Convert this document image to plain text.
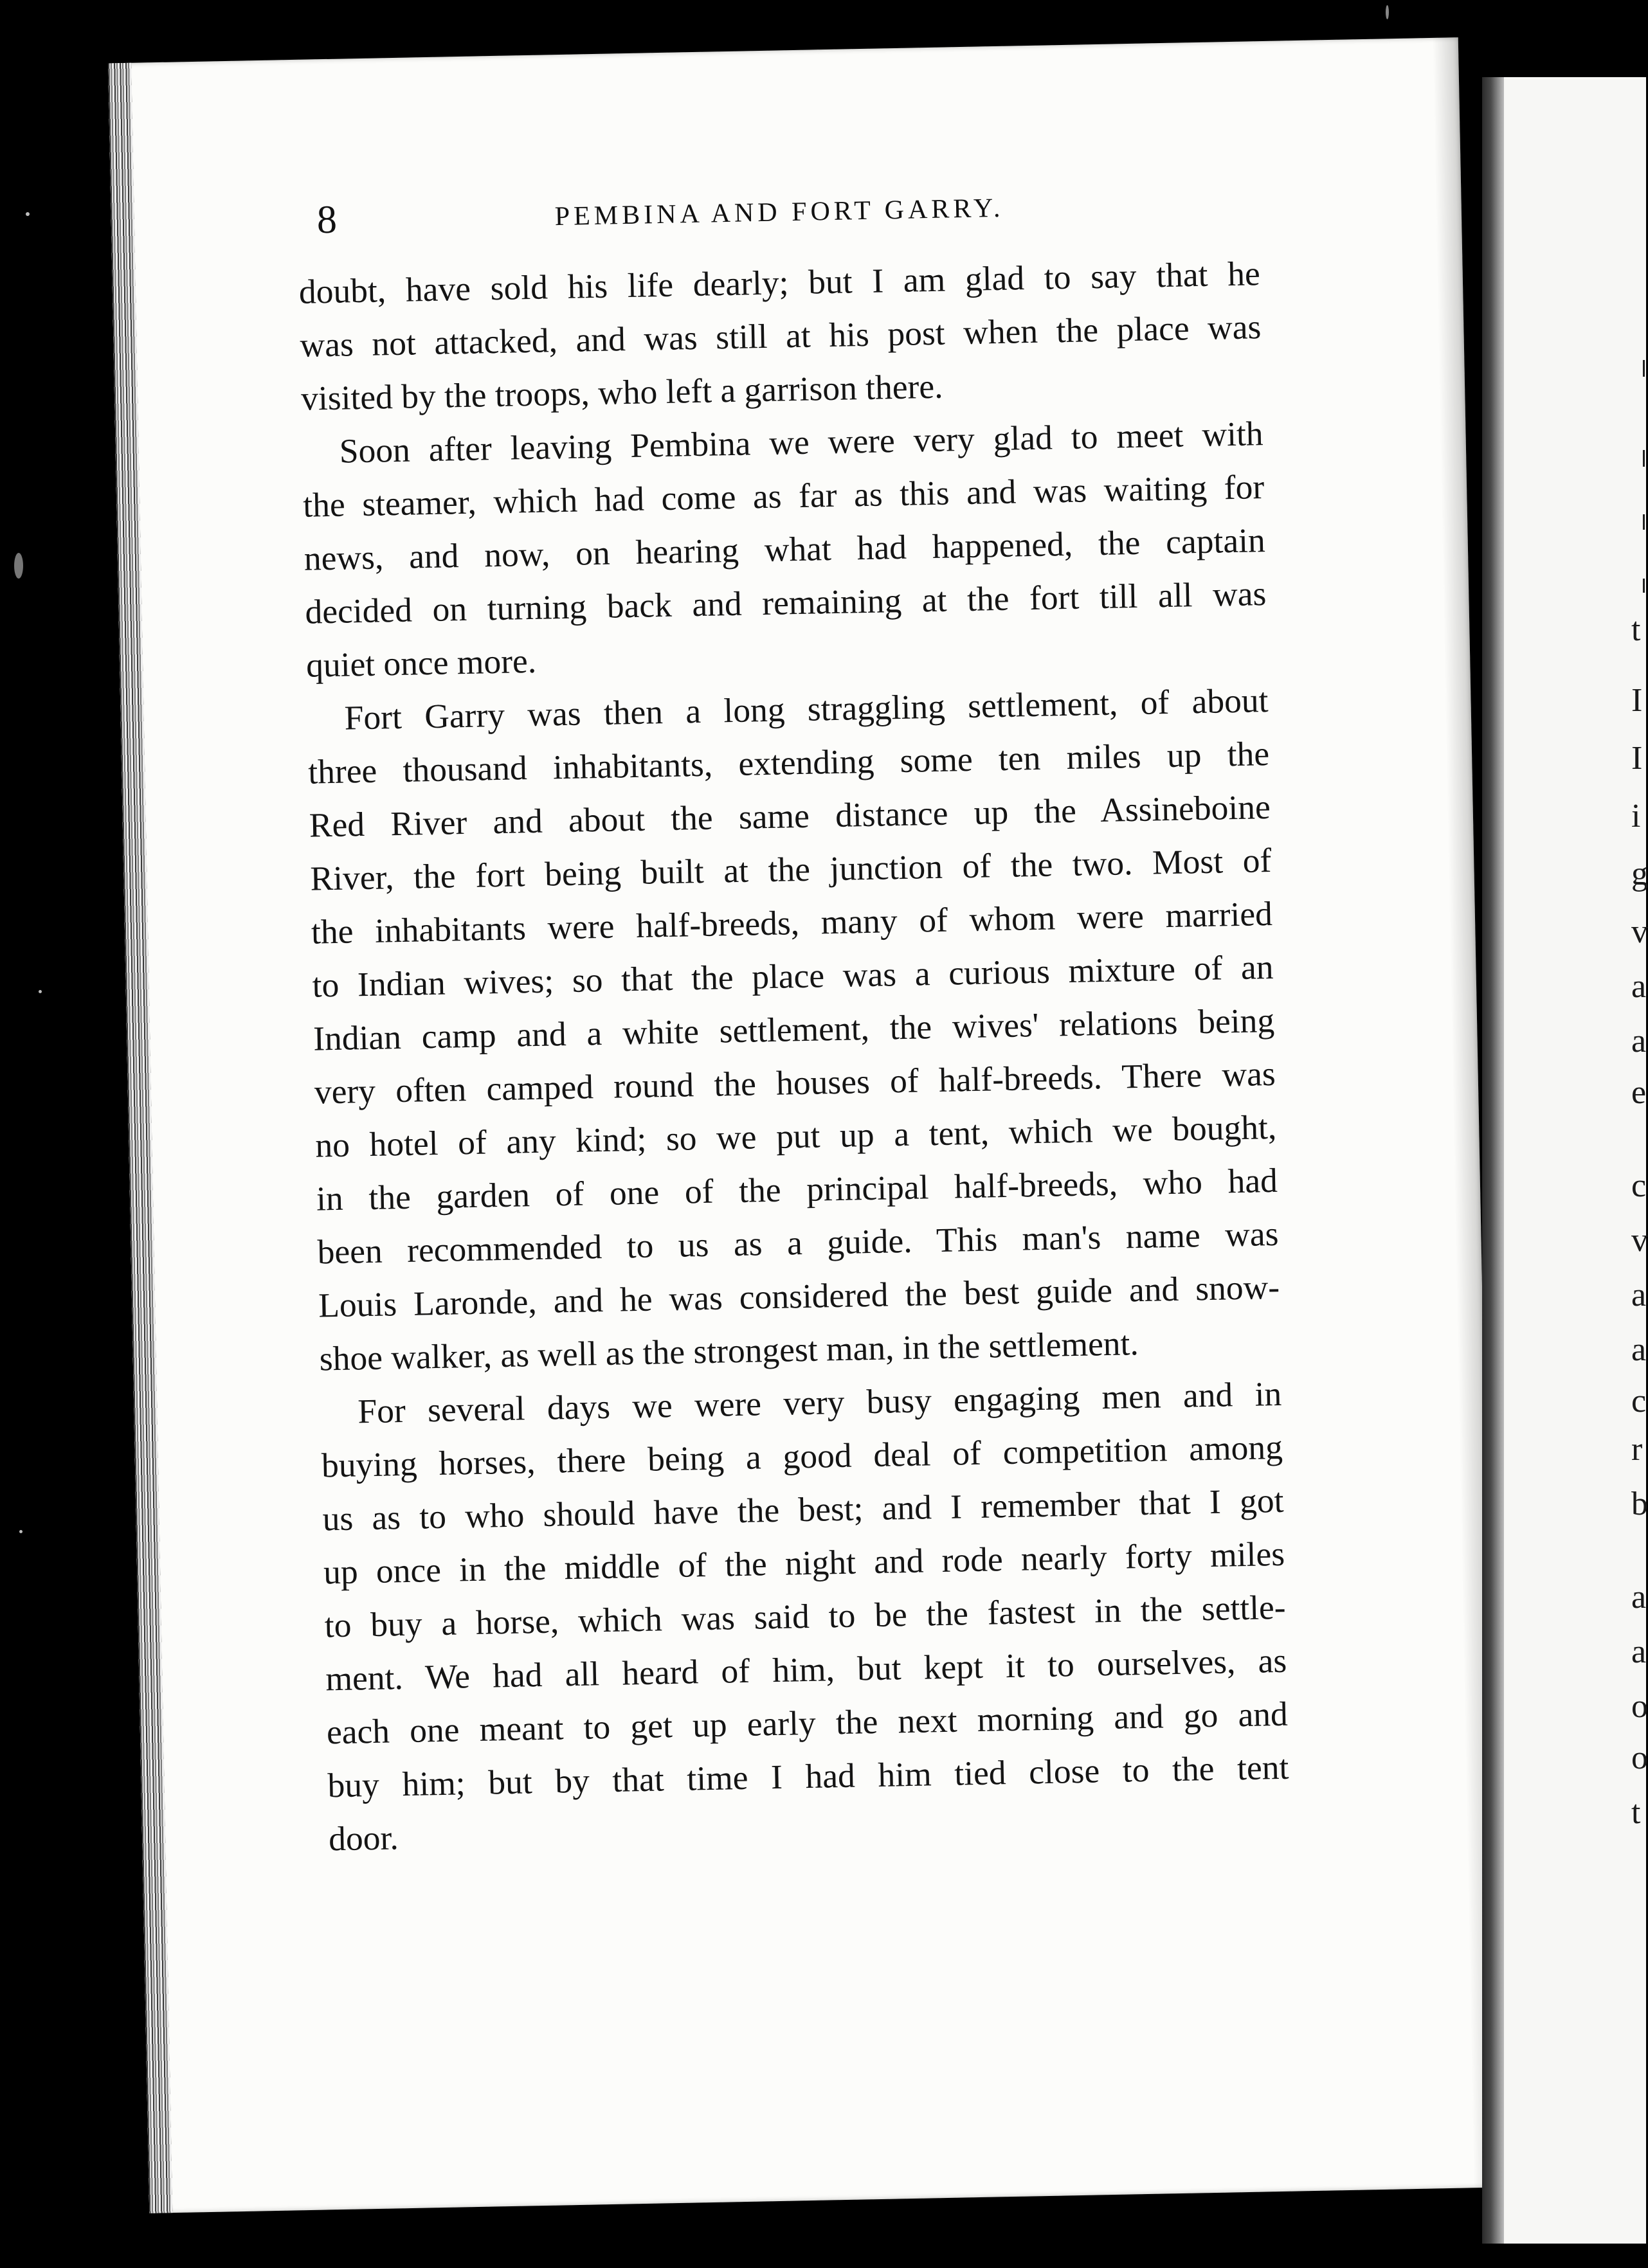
8	PEMBINA AND FORT GARRY.
doubt, have sold his life dearly; but I am glad to say that he
was not attacked, and was still at his post when the place was
visited by the troops, who left a garrison there.
Soon after leaving Pembina we were very glad to meet with
the steamer, which had come as far as this and was waiting for
news, and now, on hearing what had happened, the captain
decided on turning back and remaining at the fort till all was
quiet once more.
Fort Garry was then a long straggling settlement, of about
three thousand inhabitants, extending some ten miles up the
Red River and about the same distance up the Assineboine
River, the fort being built at the junction of the two. Most of
the inhabitants were half-breeds, many of whom were married
to Indian wives; so that the place was a curious mixture of an
Indian camp and a white settlement, the wives' relations being
very often camped round the houses of half-breeds. There was
no hotel of any kind; so we put up a tent, which we bought,
in the garden of one of the principal half-breeds, who had
been recommended to us as a guide. This man's name was
Louis Laronde, and he was considered the best guide and snow-
shoe walker, as well as the strongest man, in the settlement.
For several days we were very busy engaging men and in
buying horses, there being a good deal of competition among
us as to who should have the best; and I remember that I got
up once in the middle of the night and rode nearly forty miles
to buy a horse, which was said to be the fastest in the settle-
ment. We had all heard of him, but kept it to ourselves, as
each one meant to get up early the next morning and go and
buy him; but by that time I had him tied close to the tent
door.
t
I
I
i
g
v
a
a
e
c
v
a
a
c
r
b
a
a
o
o
t
